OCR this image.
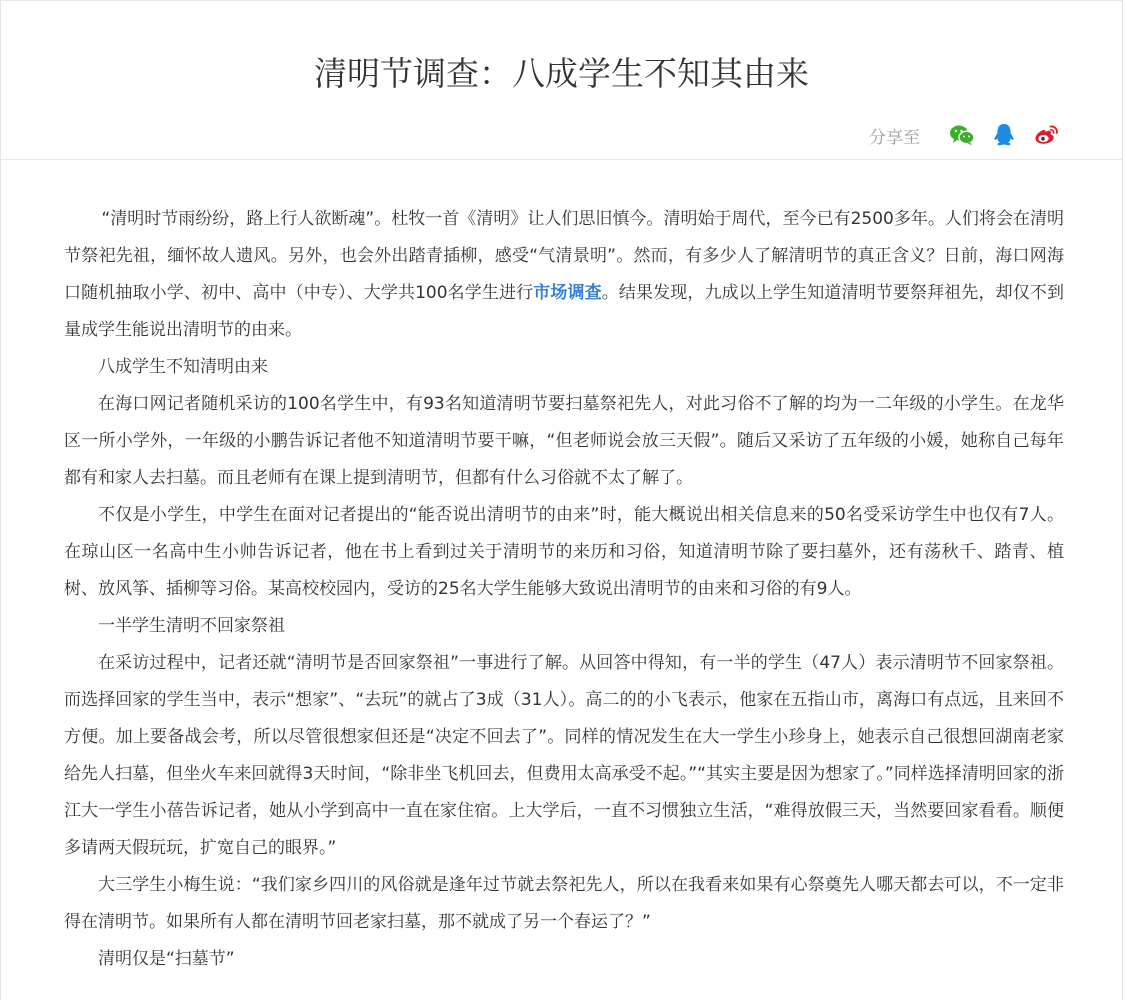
清明节调查：八成学生不知其由来
分享至

“清明时节雨纷纷，路上行人欲断魂”。杜牧一首《清明》让人们思旧慎今。清明始于周代，至今已有2500多年。人们将会在清明节祭祀先祖，缅怀故人遗风。另外，也会外出踏青插柳，感受“气清景明”。然而，有多少人了解清明节的真正含义？日前，海口网海口随机抽取小学、初中、高中（中专）、大学共100名学生进行市场调查。结果发现，九成以上学生知道清明节要祭拜祖先，却仅不到量成学生能说出清明节的由来。

八成学生不知清明由来

在海口网记者随机采访的100名学生中，有93名知道清明节要扫墓祭祀先人，对此习俗不了解的均为一二年级的小学生。在龙华区一所小学外，一年级的小鹏告诉记者他不知道清明节要干嘛，“但老师说会放三天假”。随后又采访了五年级的小媛，她称自己每年都有和家人去扫墓。而且老师有在课上提到清明节，但都有什么习俗就不太了解了。

不仅是小学生，中学生在面对记者提出的“能否说出清明节的由来”时，能大概说出相关信息来的50名受采访学生中也仅有7人。在琼山区一名高中生小帅告诉记者，他在书上看到过关于清明节的来历和习俗，知道清明节除了要扫墓外，还有荡秋千、踏青、植树、放风筝、插柳等习俗。某高校校园内，受访的25名大学生能够大致说出清明节的由来和习俗的有9人。

一半学生清明不回家祭祖

在采访过程中，记者还就“清明节是否回家祭祖”一事进行了解。从回答中得知，有一半的学生（47人）表示清明节不回家祭祖。而选择回家的学生当中，表示“想家”、“去玩”的就占了3成（31人）。高二的的小飞表示，他家在五指山市，离海口有点远，且来回不方便。加上要备战会考，所以尽管很想家但还是“决定不回去了”。同样的情况发生在大一学生小珍身上，她表示自己很想回湖南老家给先人扫墓，但坐火车来回就得3天时间，“除非坐飞机回去，但费用太高承受不起。”“其实主要是因为想家了。”同样选择清明回家的浙江大一学生小蓓告诉记者，她从小学到高中一直在家住宿。上大学后，一直不习惯独立生活，“难得放假三天，当然要回家看看。顺便多请两天假玩玩，扩宽自己的眼界。”

大三学生小梅生说：“我们家乡四川的风俗就是逢年过节就去祭祀先人，所以在我看来如果有心祭奠先人哪天都去可以，不一定非得在清明节。如果所有人都在清明节回老家扫墓，那不就成了另一个春运了？”

清明仅是“扫墓节”
